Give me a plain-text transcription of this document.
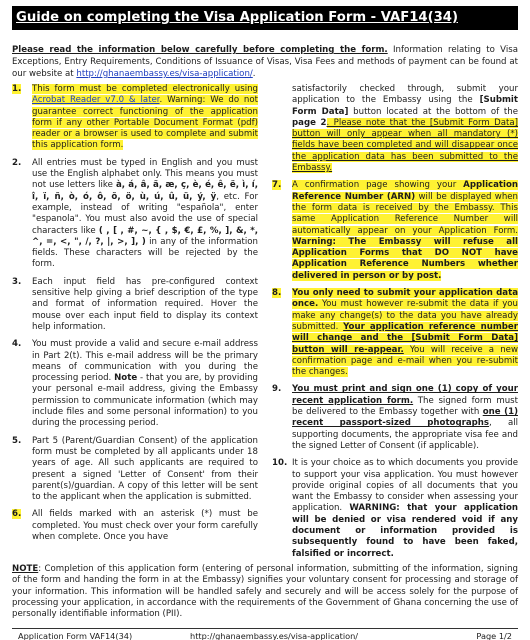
Guide on completing the Visa Application Form - VAF14(34)
Please read the information below carefully before completing the form. Information relating to Visa Exceptions, Entry Requirements, Conditions of Issuance of Visas, Visa Fees and methods of payment can be found at our website at http://ghanaembassy.es/visa-application/.
1.	This form must be completed electronically using Acrobat Reader v7.0 & later. Warning: We do not guarantee correct functioning of the application form if any other Portable Document Format (pdf) reader or a browser is used to complete and submit this application form.
2.	All entries must be typed in English and you must use the English alphabet only. This means you must not use letters like à, á, â, ã, æ, ç, è, é, ê, ë, ì, í, î, ï, ñ, ò, ó, ô, õ, ö, ù, ú, û, ü, ý, ÿ, etc. For example, instead of writing "española", enter "espanola". You must also avoid the use of special characters like ( , [ , #, ~, { , $, €, £, %, ], &, *, ^, =, <, ", /, ?, |, >, ], ) in any of the information fields. These characters will be rejected by the form.
3.	Each input field has pre-configured context sensitive help giving a brief description of the type and format of information required. Hover the mouse over each input field to display its context help information.
4.	You must provide a valid and secure e-mail address in Part 2(t). This e-mail address will be the primary means of communication with you during the processing period. Note - that you are, by providing your personal e-mail address, giving the Embassy permission to communicate information (which may include files and some personal information) to you during the processing period.
5.	Part 5 (Parent/Guardian Consent) of the application form must be completed by all applicants under 18 years of age. All such applicants are required to present a signed 'Letter of Consent' from their parent(s)/guardian. A copy of this letter will be sent to the applicant when the application is submitted.
6.	All fields marked with an asterisk (*) must be completed. You must check over your form carefully when complete. Once you have
satisfactorily checked through, submit your application to the Embassy using the [Submit Form Data] button located at the bottom of the page 2. Please note that the [Submit Form Data] button will only appear when all mandatory (*) fields have been completed and will disappear once the application data has been submitted to the Embassy.
7.	A confirmation page showing your Application Reference Number (ARN) will be displayed when the form data is received by the Embassy. This same Application Reference Number will automatically appear on your Application Form. Warning: The Embassy will refuse all Application Forms that DO NOT have Application Reference Numbers whether delivered in person or by post.
8.	You only need to submit your application data once. You must however re-submit the data if you make any change(s) to the data you have already submitted. Your application reference number will change and the [Submit Form Data] button will re-appear. You will receive a new confirmation page and e-mail when you re-submit the changes.
9.	You must print and sign one (1) copy of your recent application form. The signed form must be delivered to the Embassy together with one (1) recent passport-sized photographs, all supporting documents, the appropriate visa fee and the signed Letter of Consent (if applicable).
10. It is your choice as to which documents you provide to support your visa application. You must however provide original copies of all documents that you want the Embassy to consider when assessing your application. WARNING: that your application will be denied or visa rendered void if any document or information provided is subsequently found to have been faked, falsified or incorrect.
NOTE: Completion of this application form (entering of personal information, submitting of the information, signing of the form and handing the form in at the Embassy) signifies your voluntary consent for processing and storage of your information. This information will be handled safely and securely and will be access solely for the purpose of processing your application, in accordance with the requirements of the Government of Ghana concerning the use of personally identifiable information (PII).
Application Form VAF14(34)	http://ghanaembassy.es/visa-application/	Page 1/2
